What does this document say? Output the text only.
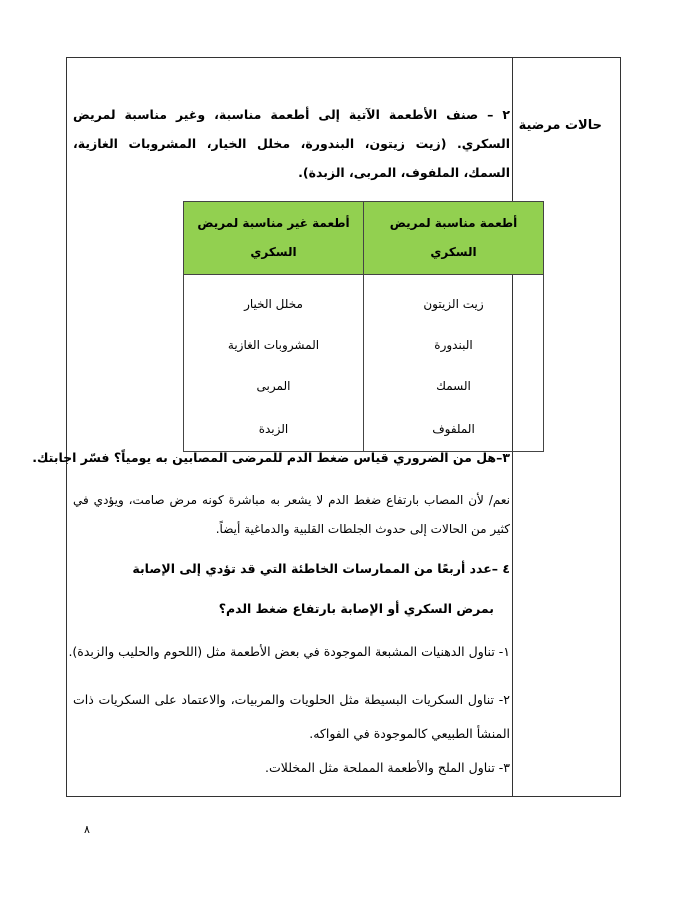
حالات مرضية
٢ – صنف الأطعمة الآتية إلى أطعمة مناسبة، وغير مناسبة لمريض السكري. (زيت زيتون، البندورة، مخلل الخيار، المشروبات الغازية، السمك، الملفوف، المربى، الزبدة).
أطعمة مناسبة لمريض السكري	أطعمة غير مناسبة لمريض السكري
زيت الزيتون	مخلل الخيار
البندورة	المشروبات الغازية
السمك	المربى
الملفوف	الزبدة
٣–هل من الضروري قياس ضغط الدم للمرضى المصابين به يومياً؟ فسّر اجابتك.
نعم/ لأن المصاب بارتفاع ضغط الدم لا يشعر به مباشرة كونه مرض صامت، ويؤدي في كثير من الحالات إلى حدوث الجلطات القلبية والدماغية أيضاً.
٤ –عدد أربعًا من الممارسات الخاطئة التي قد تؤدي إلى الإصابة
بمرض السكري أو الإصابة بارتفاع ضغط الدم؟
١- تناول الدهنيات المشبعة الموجودة في بعض الأطعمة مثل (اللحوم والحليب والزبدة).
٢- تناول السكريات البسيطة مثل الحلويات والمربيات، والاعتماد على السكريات ذات المنشأ الطبيعي كالموجودة في الفواكه.
٣- تناول الملح والأطعمة المملحة مثل المخللات.
٨
